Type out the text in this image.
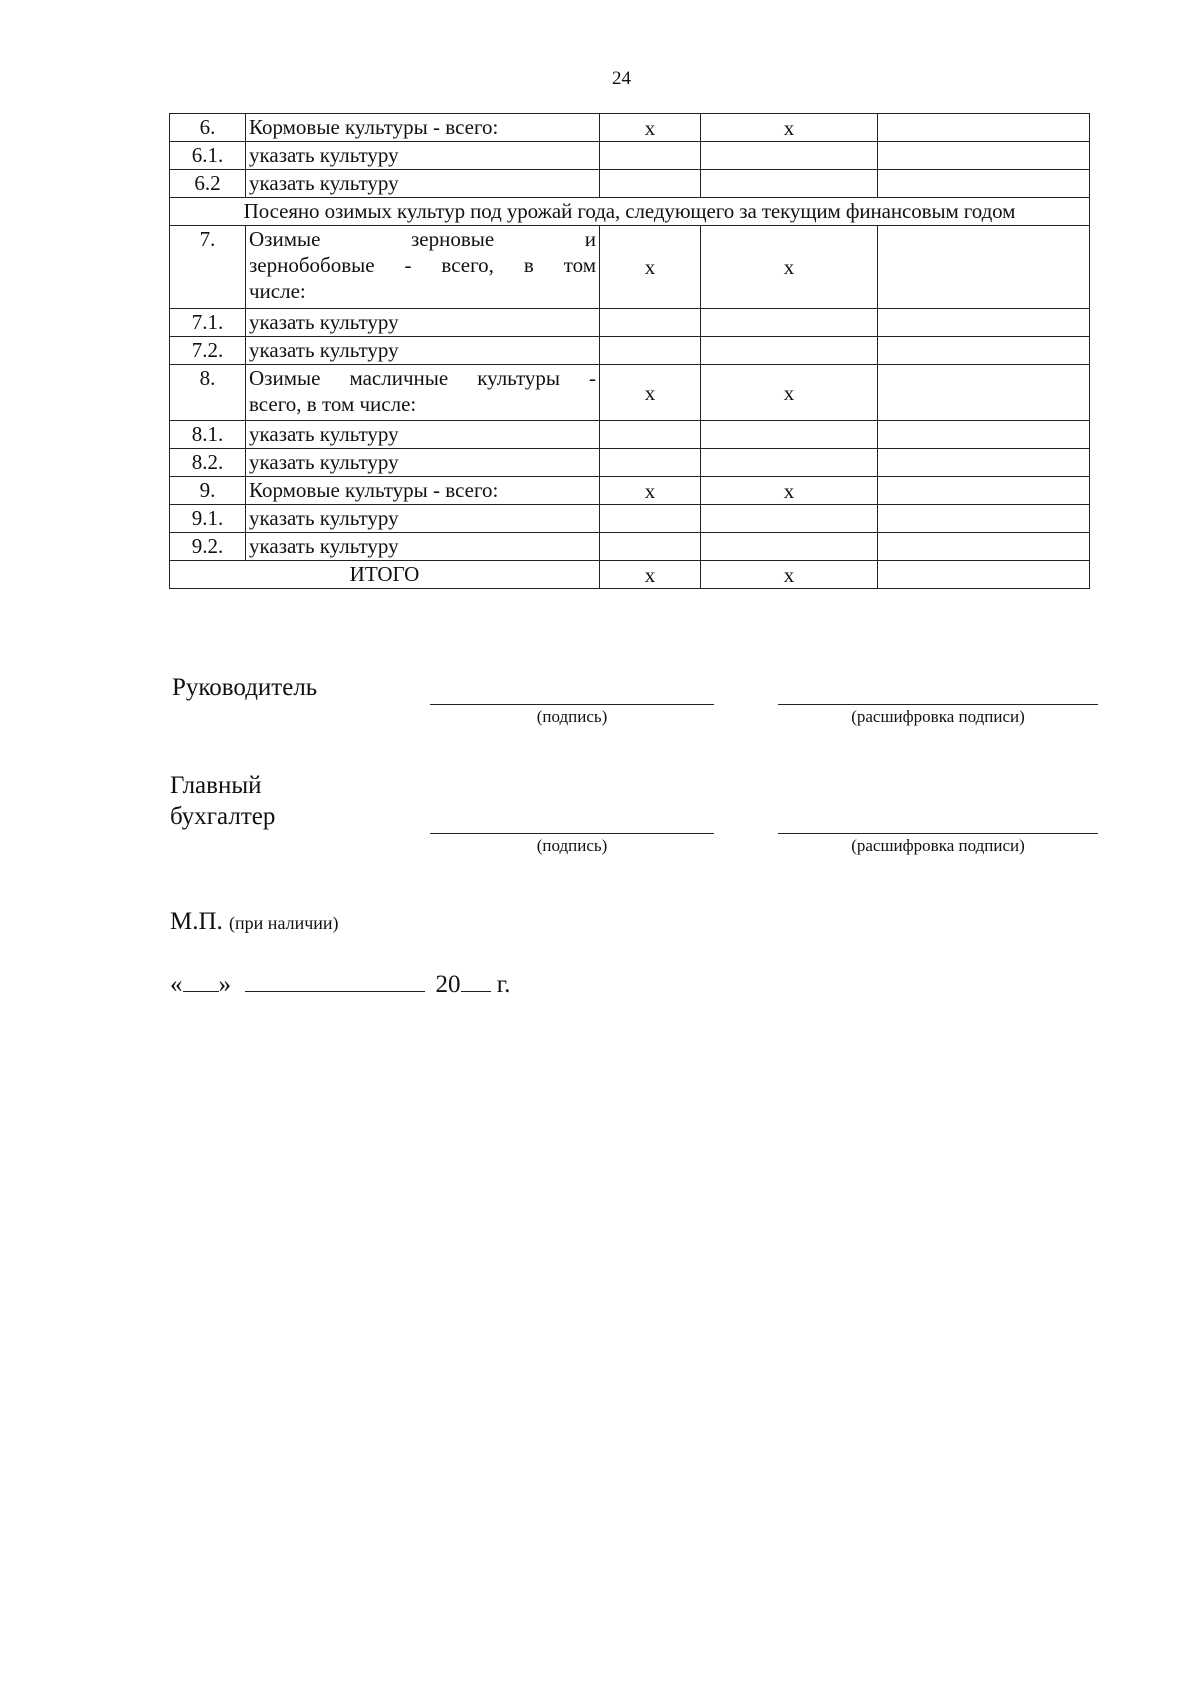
24
6.	Кормовые культуры - всего:	x	x	
6.1.	указать культуру			
6.2	указать культуру			
Посеяно озимых культур под урожай года, следующего за текущим финансовым годом				
7.	Озимые зерновые и
зернобобовые - всего, в том
числе:	x	x	
7.1.	указать культуру			
7.2.	указать культуру			
8.	Озимые масличные культуры -
всего, в том числе:	x	x	
8.1.	указать культуру			
8.2.	указать культуру			
9.	Кормовые культуры - всего:	x	x	
9.1.	указать культуру			
9.2.	указать культуру			
ИТОГО		x	x	
Руководитель
(подпись)	(расшифровка подписи)
Главный
бухгалтер
(подпись)	(расшифровка подписи)
М.П. (при наличии)
« »	20 г.
